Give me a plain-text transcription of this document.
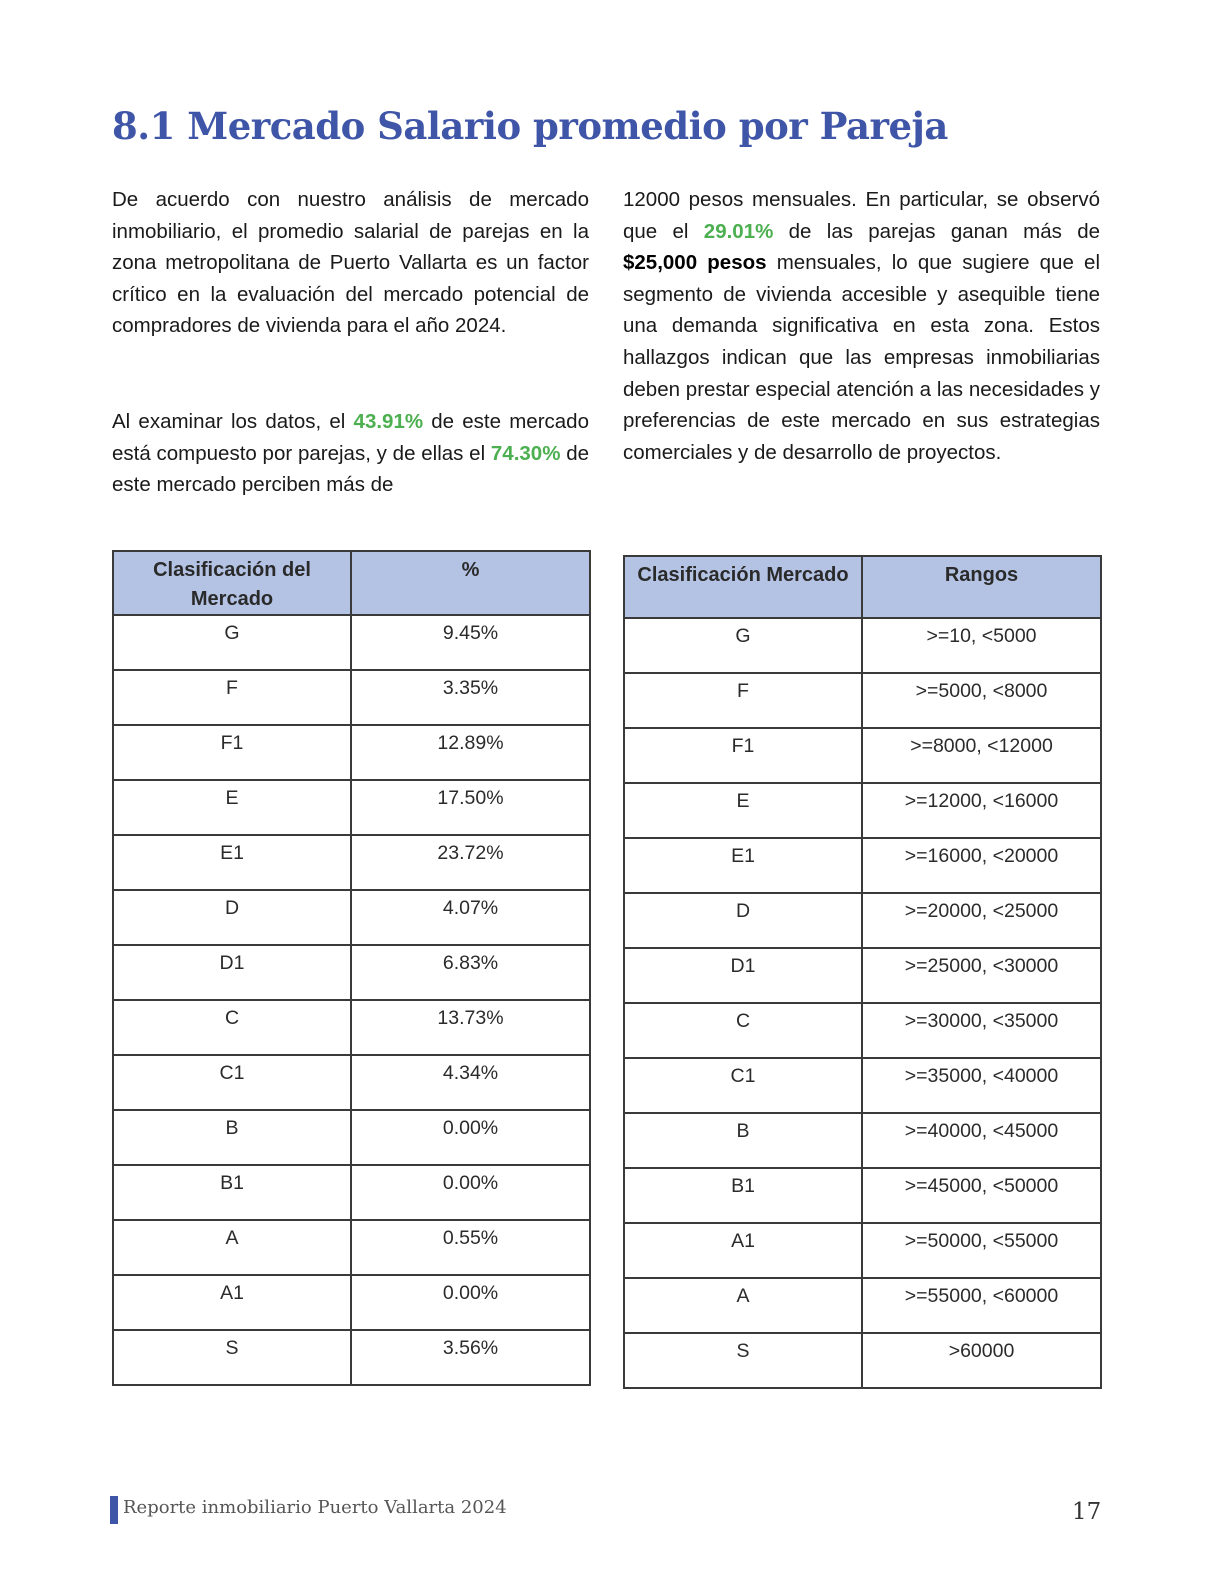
8.1 Mercado Salario promedio por Pareja

De acuerdo con nuestro análisis de mercado inmobiliario, el promedio salarial de parejas en la zona metropolitana de Puerto Vallarta es un factor crítico en la evaluación del mercado potencial de compradores de vivienda para el año 2024.

Al examinar los datos, el 43.91% de este mercado está compuesto por parejas, y de ellas el 74.30% de este mercado perciben más de

12000 pesos mensuales. En particular, se observó que el 29.01% de las parejas ganan más de $25,000 pesos mensuales, lo que sugiere que el segmento de vivienda accesible y asequible tiene una demanda significativa en esta zona. Estos hallazgos indican que las empresas inmobiliarias deben prestar especial atención a las necesidades y preferencias de este mercado en sus estrategias comerciales y de desarrollo de proyectos.

Clasificación del Mercado	%
G	9.45%
F	3.35%
F1	12.89%
E	17.50%
E1	23.72%
D	4.07%
D1	6.83%
C	13.73%
C1	4.34%
B	0.00%
B1	0.00%
A	0.55%
A1	0.00%
S	3.56%
Clasificación Mercado	Rangos
G	>=10, <5000
F	>=5000, <8000
F1	>=8000, <12000
E	>=12000, <16000
E1	>=16000, <20000
D	>=20000, <25000
D1	>=25000, <30000
C	>=30000, <35000
C1	>=35000, <40000
B	>=40000, <45000
B1	>=45000, <50000
A1	>=50000, <55000
A	>=55000, <60000
S	>60000
Reporte inmobiliario Puerto Vallarta 2024	17
